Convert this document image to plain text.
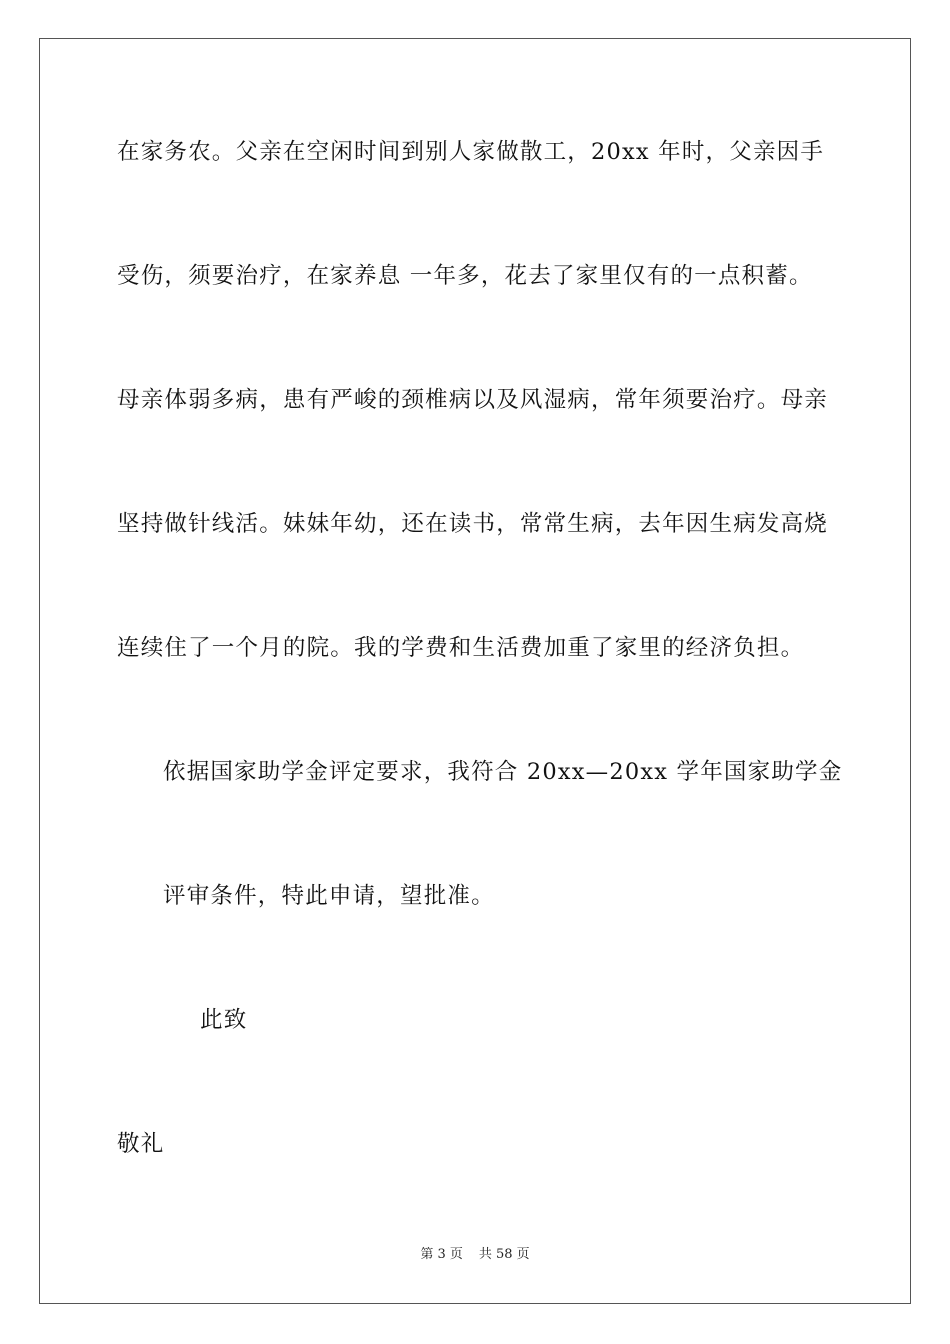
在家务农。父亲在空闲时间到别人家做散工，20xx 年时，父亲因手
受伤，须要治疗，在家养息 一年多，花去了家里仅有的一点积蓄。
母亲体弱多病，患有严峻的颈椎病以及风湿病，常年须要治疗。母亲
坚持做针线活。妹妹年幼，还在读书，常常生病，去年因生病发高烧
连续住了一个月的院。我的学费和生活费加重了家里的经济负担。
依据国家助学金评定要求，我符合 20xx—20xx 学年国家助学金
评审条件，特此申请，望批准。
此致
敬礼
第 3 页 共 58 页
